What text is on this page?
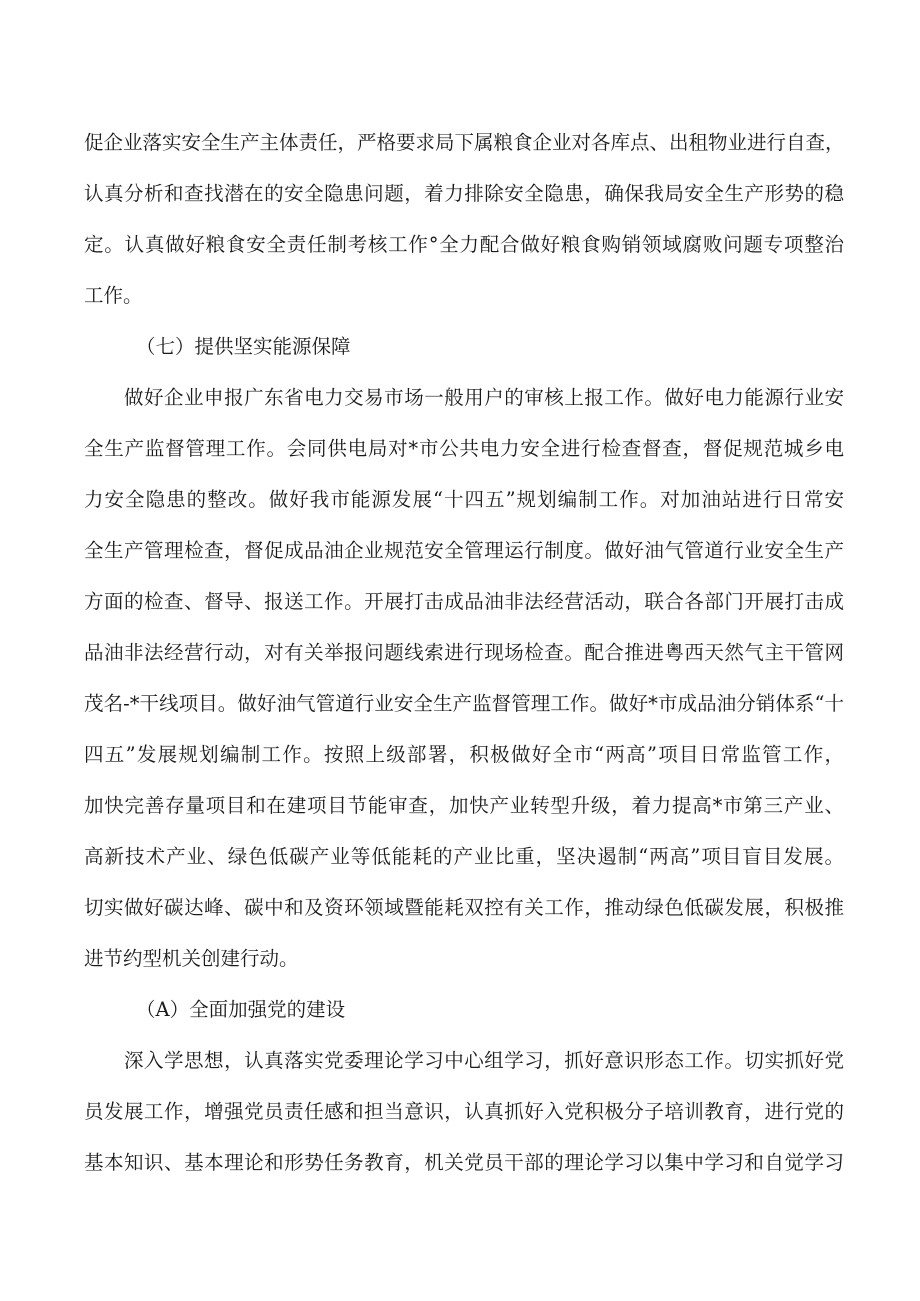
促企业落实安全生产主体责任，严格要求局下属粮食企业对各库点、出租物业进行自查，
认真分析和查找潜在的安全隐患问题，着力排除安全隐患，确保我局安全生产形势的稳
定。认真做好粮食安全责任制考核工作°全力配合做好粮食购销领域腐败问题专项整治
工作。
（七）提供坚实能源保障
做好企业申报广东省电力交易市场一般用户的审核上报工作。做好电力能源行业安
全生产监督管理工作。会同供电局对*市公共电力安全进行检查督查，督促规范城乡电
力安全隐患的整改。做好我市能源发展“十四五”规划编制工作。对加油站进行日常安
全生产管理检查，督促成品油企业规范安全管理运行制度。做好油气管道行业安全生产
方面的检查、督导、报送工作。开展打击成品油非法经营活动，联合各部门开展打击成
品油非法经营行动，对有关举报问题线索进行现场检查。配合推进粤西天然气主干管网
茂名-*干线项目。做好油气管道行业安全生产监督管理工作。做好*市成品油分销体系“十
四五”发展规划编制工作。按照上级部署，积极做好全市“两高”项目日常监管工作，
加快完善存量项目和在建项目节能审查，加快产业转型升级，着力提高*市第三产业、
高新技术产业、绿色低碳产业等低能耗的产业比重，坚决遏制“两高”项目盲目发展。
切实做好碳达峰、碳中和及资环领域暨能耗双控有关工作，推动绿色低碳发展，积极推
进节约型机关创建行动。
（A）全面加强党的建设
深入学思想，认真落实党委理论学习中心组学习，抓好意识形态工作。切实抓好党
员发展工作，增强党员责任感和担当意识，认真抓好入党积极分子培训教育，进行党的
基本知识、基本理论和形势任务教育，机关党员干部的理论学习以集中学习和自觉学习
